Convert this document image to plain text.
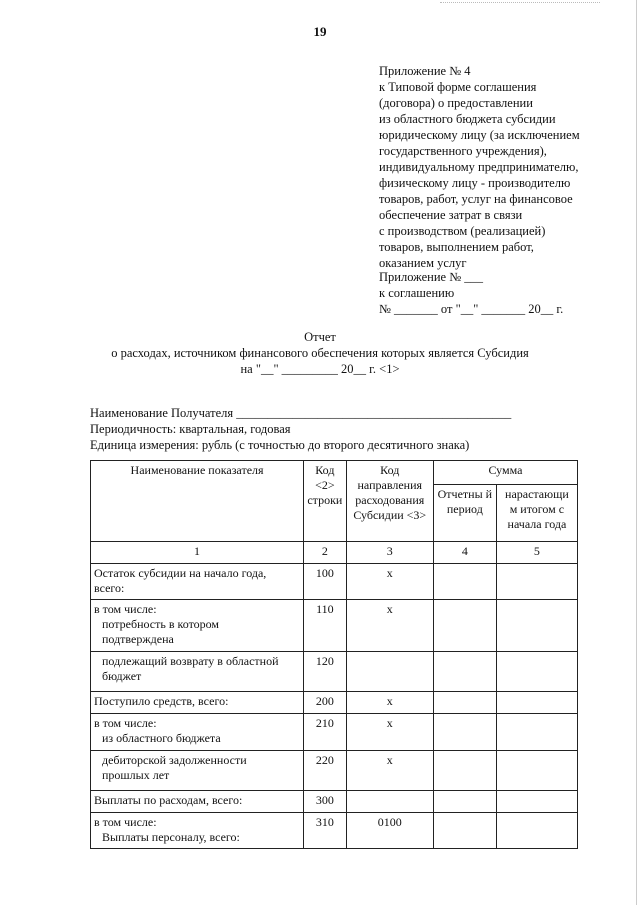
19
Приложение № 4
к Типовой форме соглашения
(договора) о предоставлении
из областного бюджета субсидии
юридическому лицу (за исключением
государственного учреждения),
индивидуальному предпринимателю,
физическому лицу - производителю
товаров, работ, услуг на финансовое
обеспечение затрат в связи
с производством (реализацией)
товаров, выполнением работ,
оказанием услуг
Приложение № ___
к соглашению
№ _______ от "__" _______ 20__ г.
Отчет
о расходах, источником финансового обеспечения которых является Субсидия
на "__" _________ 20__ г. <1>
Наименование Получателя ____________________________________________
Периодичность: квартальная, годовая
Единица измерения: рубль (с точностью до второго десятичного знака)
Наименование показателя	Код <2> строки	Код направления расходования Субсидии <3>	Сумма	
			Отчетны й период	нарастающи м итогом с начала года
1	2	3	4	5

Остаток субсидии на начало года,
всего:	100	x		

в том числе:
потребность в котором
подтверждена	110	x		

подлежащий возврату в областной
бюджет	120			

Поступило средств, всего:	200	x		

в том числе:
из областного бюджета	210	x		

дебиторской задолженности
прошлых лет	220	x		

Выплаты по расходам, всего:	300			

в том числе:
Выплаты персоналу, всего:	310	0100		
